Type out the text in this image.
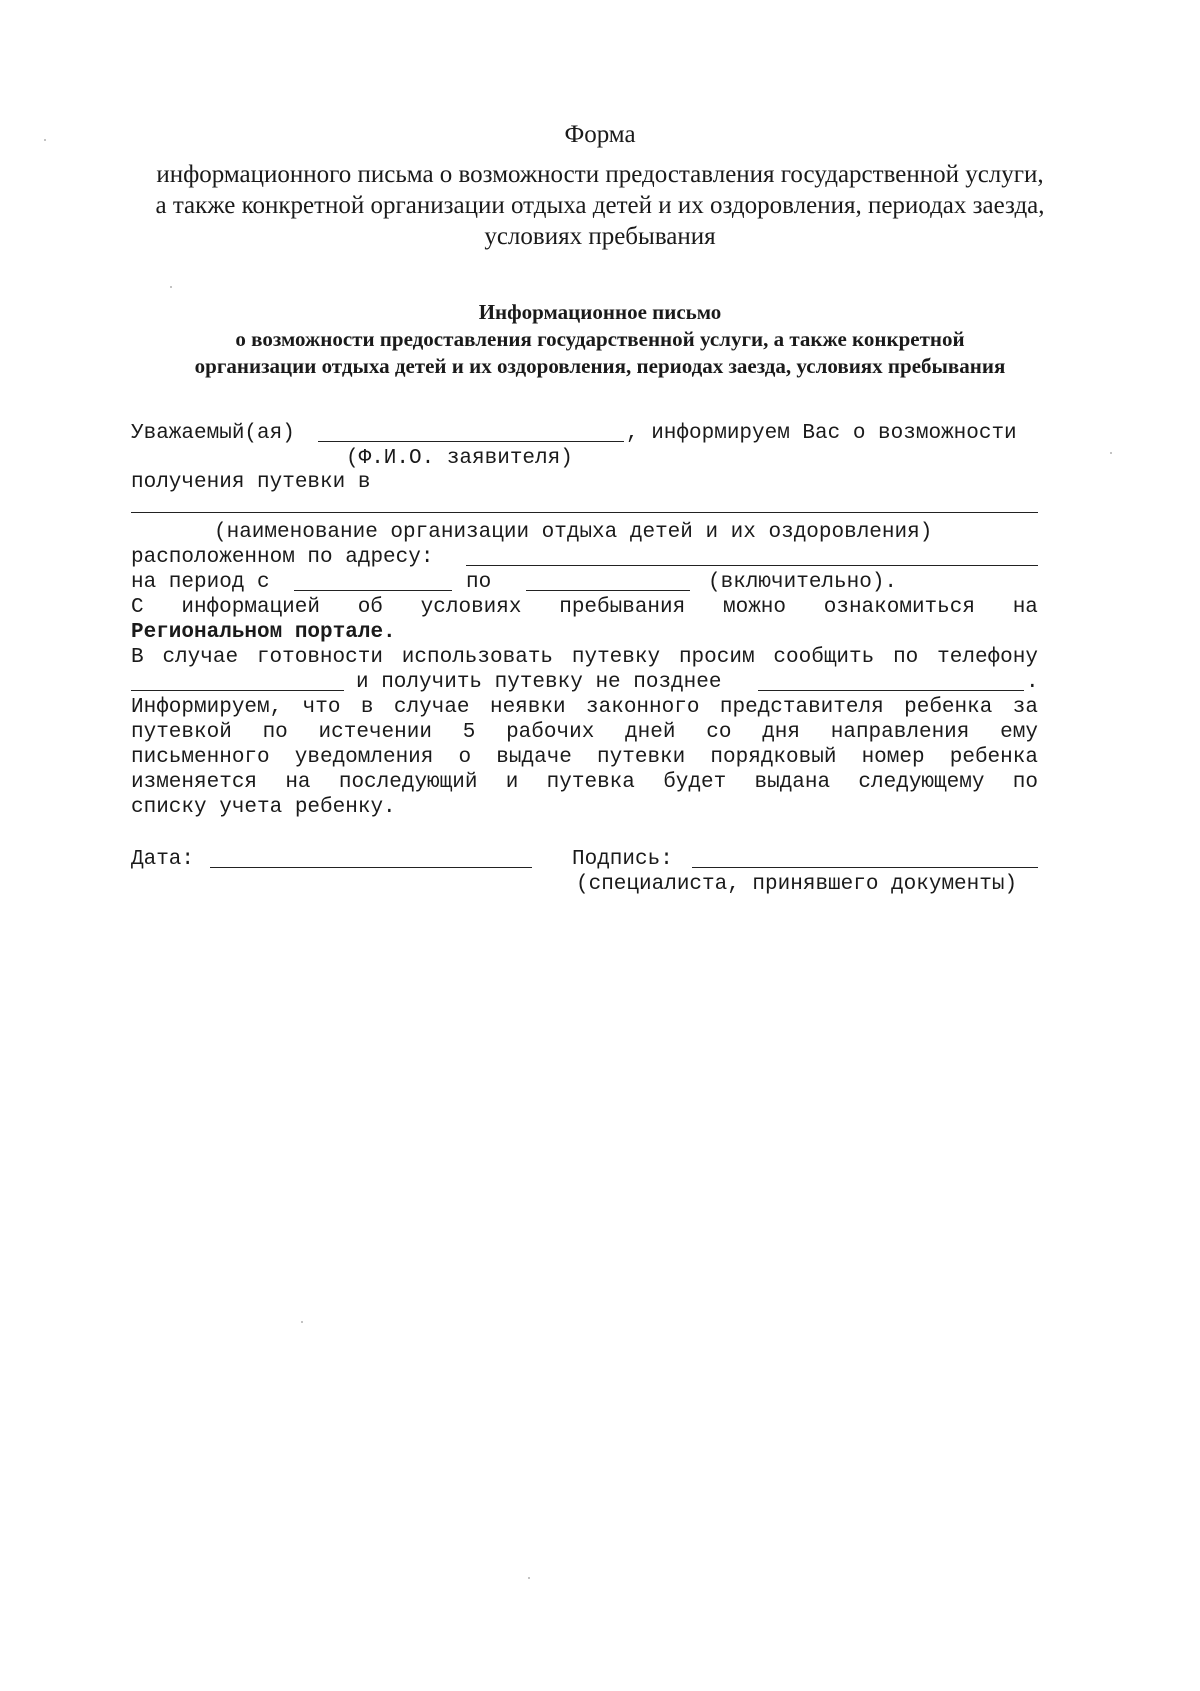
Форма
информационного письма о возможности предоставления государственной услуги,
а также конкретной организации отдыха детей и их оздоровления, периодах заезда,
условиях пребывания
Информационное письмо
о возможности предоставления государственной услуги, а также конкретной
организации отдыха детей и их оздоровления, периодах заезда, условиях пребывания
Уважаемый(ая)	, информируем Вас о возможности
(Ф.И.О. заявителя)
получения путевки в
(наименование организации отдыха детей и их оздоровления)
расположенном по адресу:
на период с	по	(включительно).
С информацией об условиях пребывания можно ознакомиться на
Региональном портале.
В случае готовности использовать путевку просим сообщить по телефону
и получить путевку не позднее	.
Информируем, что в случае неявки законного представителя ребенка за
путевкой по истечении 5 рабочих дней со дня направления ему
письменного уведомления о выдаче путевки порядковый номер ребенка
изменяется на последующий и путевка будет выдана следующему по
списку учета ребенку.
Дата:	Подпись:
(специалиста, принявшего документы)
